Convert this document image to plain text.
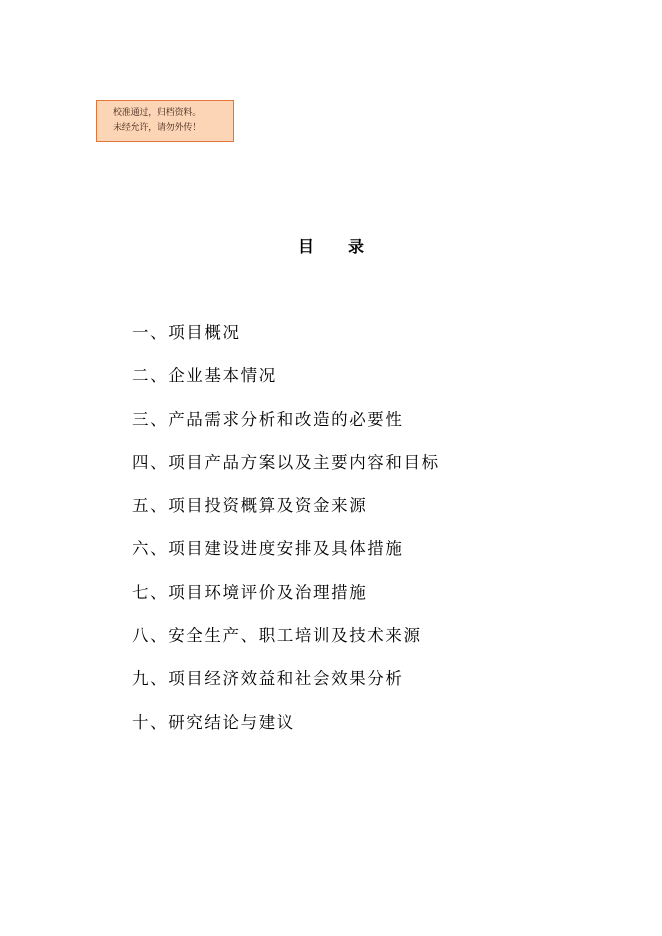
校准通过，归档资料。
未经允许，请勿外传！
目 录
一、项目概况
二、企业基本情况
三、产品需求分析和改造的必要性
四、项目产品方案以及主要内容和目标
五、项目投资概算及资金来源
六、项目建设进度安排及具体措施
七、项目环境评价及治理措施
八、安全生产、职工培训及技术来源
九、项目经济效益和社会效果分析
十、研究结论与建议
